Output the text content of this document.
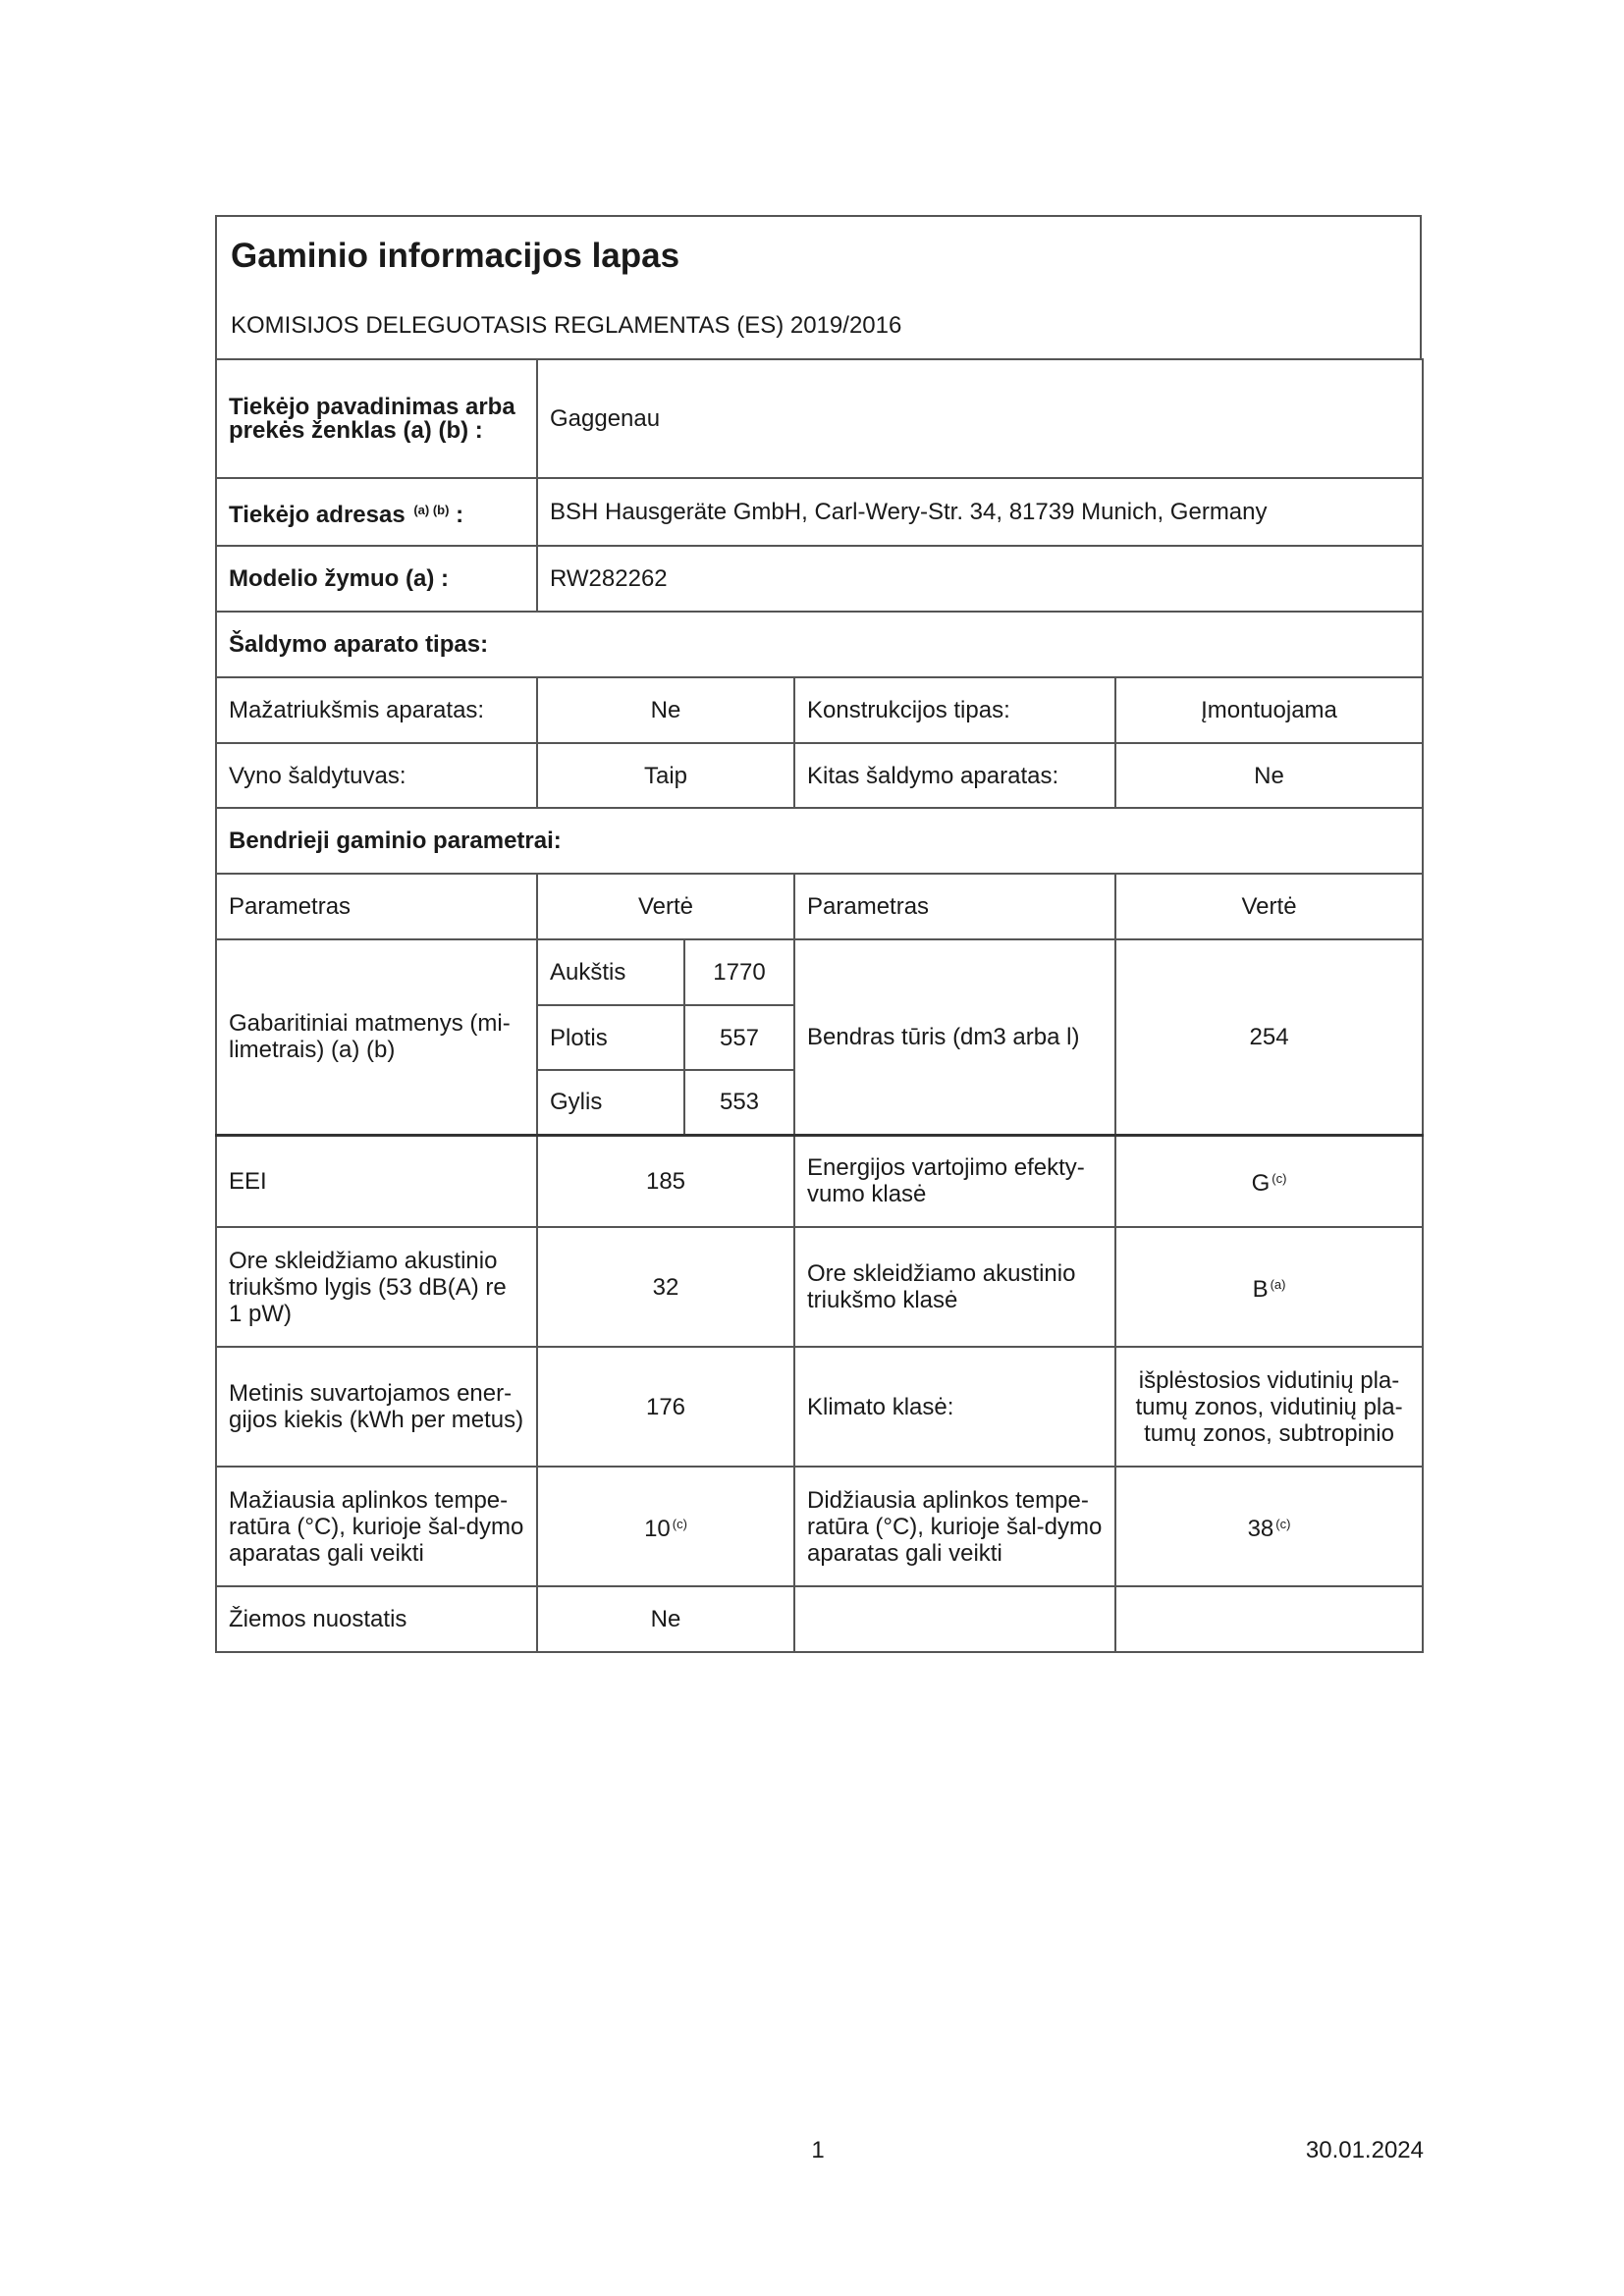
Gaminio informacijos lapas
KOMISIJOS DELEGUOTASIS REGLAMENTAS (ES) 2019/2016
Tiekėjo pavadinimas arba prekės ženklas (a) (b) :	Gaggenau			
Tiekėjo adresas $^{(a) (b)}$ :	BSH Hausgeräte GmbH, Carl-Wery-Str. 34, 81739 Munich, Germany			
Modelio žymuo (a) :	RW282262			
Šaldymo aparato tipas:				
Mažatriukšmis aparatas:	Ne		Konstrukcijos tipas:	Įmontuojama
Vyno šaldytuvas:	Taip		Kitas šaldymo aparatas:	Ne
Bendrieji gaminio parametrai:				
Parametras	Vertė		Parametras	Vertė
Gabaritiniai matmenys (mi-limetrais) (a) (b)	Aukštis	1770	Bendras tūris (dm3 arba l)	254
	Plotis	557		
	Gylis	553		
EEI	185		Energijos vartojimo efekty-vumo klasė	G $^{(c)}$
Ore skleidžiamo akustinio triukšmo lygis (53 dB(A) re 1 pW)	32		Ore skleidžiamo akustinio triukšmo klasė	B $^{(a)}$
Metinis suvartojamos ener-gijos kiekis (kWh per metus)	176		Klimato klasė:	išplėstosios vidutinių pla-tumų zonos, vidutinių pla-tumų zonos, subtropinio
Mažiausia aplinkos tempe-ratūra (°C), kurioje šal-dymo aparatas gali veikti	10 $^{(c)}$		Didžiausia aplinkos tempe-ratūra (°C), kurioje šal-dymo aparatas gali veikti	38 $^{(c)}$
Žiemos nuostatis	Ne			
1	30.01.2024
